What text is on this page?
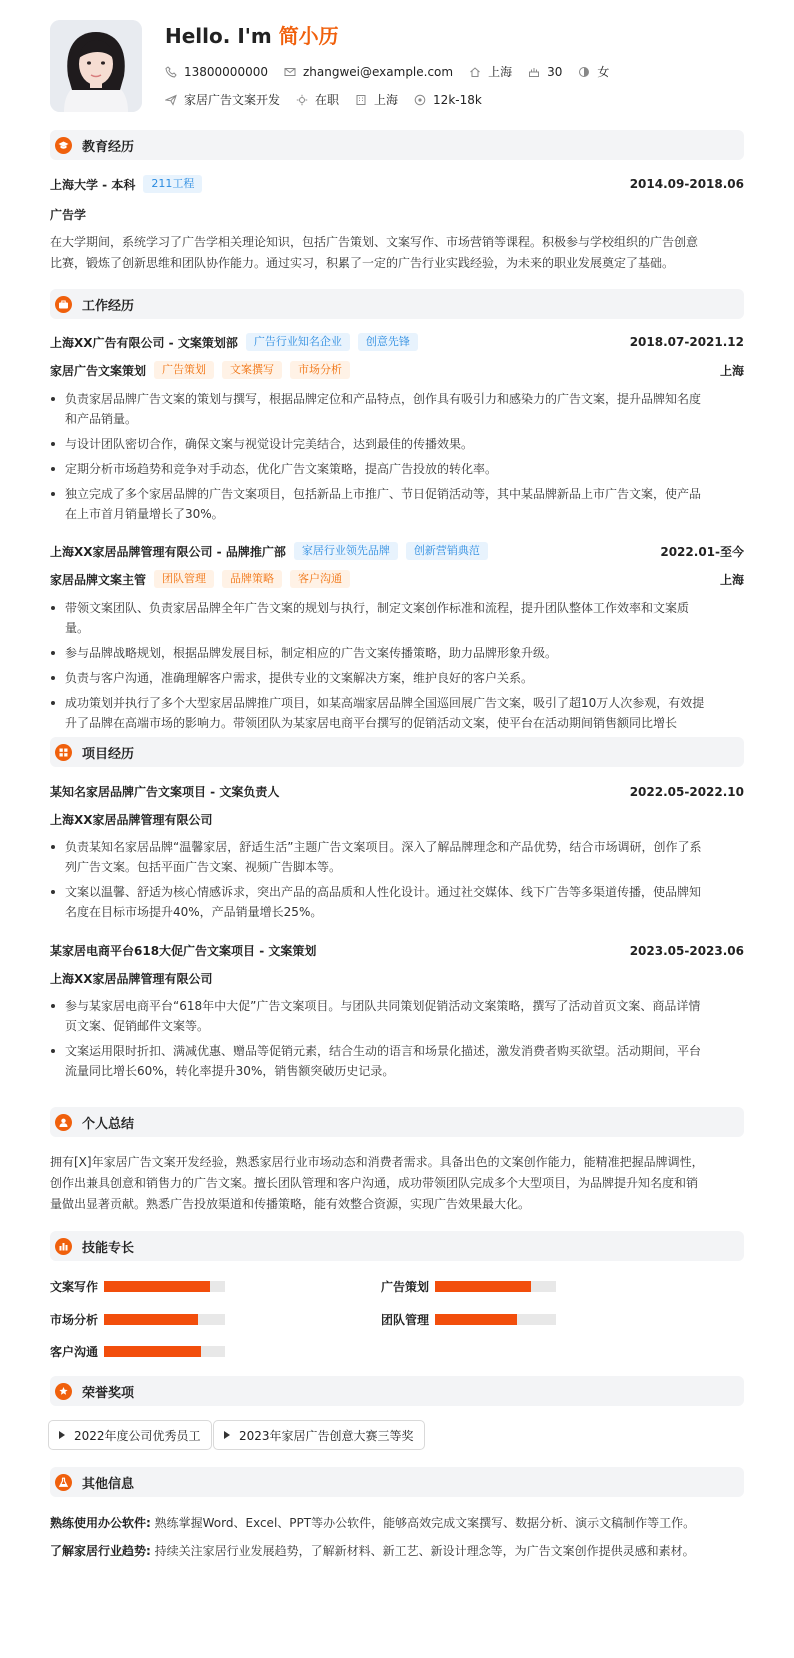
Hello. I'm 简小历
13800000000	zhangwei@example.com	上海	30	女
家居广告文案开发	在职	上海	12k-18k
教育经历
上海大学 - 本科	211工程	2014.09-2018.06
广告学
在大学期间，系统学习了广告学相关理论知识，包括广告策划、文案写作、市场营销等课程。积极参与学校组织的广告创意比赛，锻炼了创新思维和团队协作能力。通过实习，积累了一定的广告行业实践经验，为未来的职业发展奠定了基础。
工作经历
上海XX广告有限公司 - 文案策划部	广告行业知名企业	创意先锋	2018.07-2021.12
家居广告文案策划	广告策划	文案撰写	市场分析	上海
负责家居品牌广告文案的策划与撰写，根据品牌定位和产品特点，创作具有吸引力和感染力的广告文案，提升品牌知名度和产品销量。
与设计团队密切合作，确保文案与视觉设计完美结合，达到最佳的传播效果。
定期分析市场趋势和竞争对手动态，优化广告文案策略，提高广告投放的转化率。
独立完成了多个家居品牌的广告文案项目，包括新品上市推广、节日促销活动等，其中某品牌新品上市广告文案，使产品在上市首月销量增长了30%。
上海XX家居品牌管理有限公司 - 品牌推广部	家居行业领先品牌	创新营销典范	2022.01-至今
家居品牌文案主管	团队管理	品牌策略	客户沟通	上海
带领文案团队、负责家居品牌全年广告文案的规划与执行，制定文案创作标准和流程，提升团队整体工作效率和文案质量。
参与品牌战略规划，根据品牌发展目标，制定相应的广告文案传播策略，助力品牌形象升级。
负责与客户沟通，准确理解客户需求，提供专业的文案解决方案，维护良好的客户关系。
成功策划并执行了多个大型家居品牌推广项目，如某高端家居品牌全国巡回展广告文案，吸引了超10万人次参观，有效提升了品牌在高端市场的影响力。带领团队为某家居电商平台撰写的促销活动文案，使平台在活动期间销售额同比增长
项目经历
某知名家居品牌广告文案项目 - 文案负责人	2022.05-2022.10
上海XX家居品牌管理有限公司
负责某知名家居品牌“温馨家居，舒适生活”主题广告文案项目。深入了解品牌理念和产品优势，结合市场调研，创作了系列广告文案。包括平面广告文案、视频广告脚本等。
文案以温馨、舒适为核心情感诉求，突出产品的高品质和人性化设计。通过社交媒体、线下广告等多渠道传播，使品牌知名度在目标市场提升40%，产品销量增长25%。
某家居电商平台618大促广告文案项目 - 文案策划	2023.05-2023.06
上海XX家居品牌管理有限公司
参与某家居电商平台“618年中大促”广告文案项目。与团队共同策划促销活动文案策略，撰写了活动首页文案、商品详情页文案、促销邮件文案等。
文案运用限时折扣、满减优惠、赠品等促销元素，结合生动的语言和场景化描述，激发消费者购买欲望。活动期间，平台流量同比增长60%，转化率提升30%，销售额突破历史记录。
个人总结
拥有[X]年家居广告文案开发经验，熟悉家居行业市场动态和消费者需求。具备出色的文案创作能力，能精准把握品牌调性，创作出兼具创意和销售力的广告文案。擅长团队管理和客户沟通，成功带领团队完成多个大型项目，为品牌提升知名度和销量做出显著贡献。熟悉广告投放渠道和传播策略，能有效整合资源，实现广告效果最大化。
技能专长
文案写作	广告策划
市场分析	团队管理
客户沟通
荣誉奖项
2022年度公司优秀员工	2023年家居广告创意大赛三等奖
其他信息
熟练使用办公软件: 熟练掌握Word、Excel、PPT等办公软件，能够高效完成文案撰写、数据分析、演示文稿制作等工作。
了解家居行业趋势: 持续关注家居行业发展趋势，了解新材料、新工艺、新设计理念等，为广告文案创作提供灵感和素材。
